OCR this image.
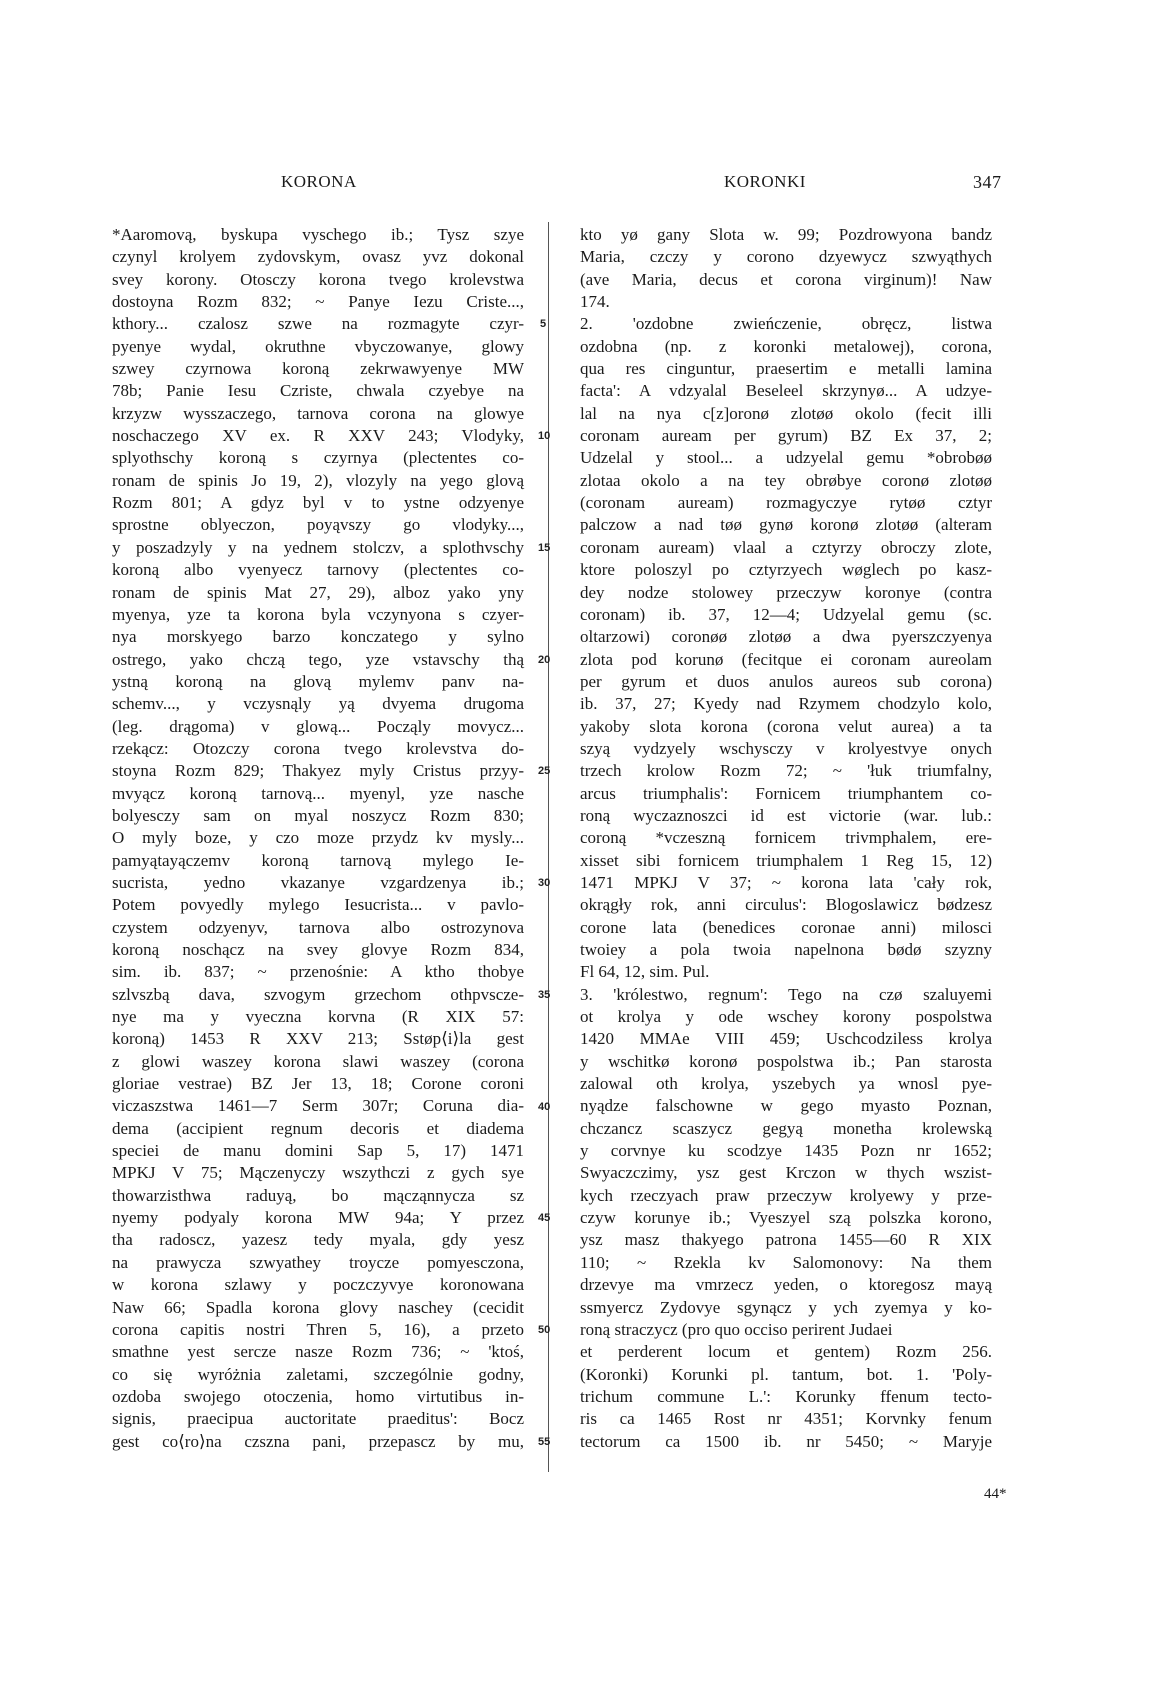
KORONA	KORONKI	347
*Aaromovą, byskupa vyschego ib.; Tysz szye
czynyl krolyem zydovskym, ovasz yvz dokonal
svey korony. Otosczy korona tvego krolevstwa
dostoyna Rozm 832; ~ Panye Iezu Criste...,
kthory... czalosz szwe na rozmagyte czyr-
pyenye wydal, okruthne vbyczowanye, glowy
szwey czyrnowa koroną zekrwawyenye MW
78b; Panie Iesu Czriste, chwala czyebye na
krzyzw wysszaczego, tarnova corona na glowye
noschaczego XV ex. R XXV 243; Vlodyky,
splyothschy koroną s czyrnya (plectentes co-
ronam de spinis Jo 19, 2), vlozyly na yego glovą
Rozm 801; A gdyz byl v to ystne odzyenye
sprostne oblyeczon, poyąvszy go vlodyky...,
y poszadzyly y na yednem stolczv, a splothvschy
koroną albo vyenyecz tarnovy (plectentes co-
ronam de spinis Mat 27, 29), alboz yako yny
myenya, yze ta korona byla vczynyona s czyer-
nya morskyego barzo konczatego y sylno
ostrego, yako chczą tego, yze vstavschy thą
ystną koroną na glovą mylemv panv na-
schemv..., y vczysnąly yą dvyema drugoma
(leg. drągoma) v glową... Począly movycz...
rzekącz: Otozczy corona tvego krolevstva do-
stoyna Rozm 829; Thakyez myly Cristus przyy-
mvyącz koroną tarnovą... myenyl, yze nasche
bolyesczy sam on myal noszycz Rozm 830;
O myly boze, y czo moze przydz kv mysly...
pamyątayączemv koroną tarnovą mylego Ie-
sucrista, yedno vkazanye vzgardzenya ib.;
Potem povyedly mylego Iesucrista... v pavlo-
czystem odzyenyv, tarnova albo ostrozynova
koroną noschącz na svey glovye Rozm 834,
sim. ib. 837; ~ przenośnie: A ktho thobye
szlvszbą dava, szvogym grzechom othpvscze-
nye ma y vyeczna korvna (R XIX 57:
koroną) 1453 R XXV 213; Sstøp⟨i⟩la gest
z glowi waszey korona slawi waszey (corona
gloriae vestrae) BZ Jer 13, 18; Corone coroni
viczaszstwa 1461—7 Serm 307r; Coruna dia-
dema (accipient regnum decoris et diadema
speciei de manu domini Sap 5, 17) 1471
MPKJ V 75; Mączenyczy wszythczi z gych sye
thowarzisthwa raduyą, bo mącząnnycza sz
nyemy podyaly korona MW 94a; Y przez
tha radoscz, yazesz tedy myala, gdy yesz
na prawycza szwyathey troycze pomyesczona,
w korona szlawy y poczczyvye koronowana
Naw 66; Spadla korona glovy naschey (cecidit
corona capitis nostri Thren 5, 16), a przeto
smathne yest sercze nasze Rozm 736; ~ 'ktoś,
co się wyróżnia zaletami, szczególnie godny,
ozdoba swojego otoczenia, homo virtutibus in-
signis, praecipua auctoritate praeditus': Bocz
gest co⟨ro⟩na czszna pani, przepascz by mu,
5
10
15
20
25
30
35
40
45
50
55
kto yø gany Slota w. 99; Pozdrowyona bandz
Maria, czczy y corono dzyewycz szwyąthych
(ave Maria, decus et corona virginum)! Naw
174.
2. 'ozdobne zwieńczenie, obręcz, listwa
ozdobna (np. z koronki metalowej), corona,
qua res cinguntur, praesertim e metalli lamina
facta': A vdzyalal Beseleel skrzynyø... A udzye-
lal na nya c[z]oronø zlotøø okolo (fecit illi
coronam auream per gyrum) BZ Ex 37, 2;
Udzelal y stool... a udzyelal gemu *obrobøø
zlotaa okolo a na tey obrøbye coronø zlotøø
(coronam auream) rozmagyczye rytøø cztyr
palczow a nad tøø gynø koronø zlotøø (alteram
coronam auream) vlaal a cztyrzy obroczy zlote,
ktore poloszyl po cztyrzyech wøglech po kasz-
dey nodze stolowey przeczyw koronye (contra
coronam) ib. 37, 12—4; Udzyelal gemu (sc.
oltarzowi) coronøø zlotøø a dwa pyerszczyenya
zlota pod korunø (fecitque ei coronam aureolam
per gyrum et duos anulos aureos sub corona)
ib. 37, 27; Kyedy nad Rzymem chodzylo kolo,
yakoby slota korona (corona velut aurea) a ta
szyą vydzyely wschysczy v krolyestvye onych
trzech krolow Rozm 72; ~ 'łuk triumfalny,
arcus triumphalis': Fornicem triumphantem co-
roną wyczaznoszci id est victorie (war. lub.:
coroną *vczeszną fornicem trivmphalem, ere-
xisset sibi fornicem triumphalem 1 Reg 15, 12)
1471 MPKJ V 37; ~ korona lata 'cały rok,
okrągły rok, anni circulus': Blogoslawicz bødzesz
corone lata (benedices coronae anni) milosci
twoiey a pola twoia napelnona bødø szyzny
Fl 64, 12, sim. Pul.
3. 'królestwo, regnum': Tego na czø szaluyemi
ot krolya y ode wschey korony pospolstwa
1420 MMAe VIII 459; Uschcodziless krolya
y wschitkø koronø pospolstwa ib.; Pan starosta
zalowal oth krolya, yszebych ya wnosl pye-
nyądze falschowne w gego myasto Poznan,
chczancz scaszycz gegyą monetha krolewską
y corvnye ku scodzye 1435 Pozn nr 1652;
Swyaczczimy, ysz gest Krczon w thych wszist-
kych rzeczyach praw przeczyw krolyewy y prze-
czyw korunye ib.; Vyeszyel szą polszka korono,
ysz masz thakyego patrona 1455—60 R XIX
110; ~ Rzekla kv Salomonovy: Na them
drzevye ma vmrzecz yeden, o ktoregosz mayą
ssmyercz Zydovye sgynącz y ych zyemya y ko-
roną straczycz (pro quo occiso perirent Judaei
et perderent locum et gentem) Rozm 256.
(Koronki) Korunki pl. tantum, bot. 1. 'Poly-
trichum commune L.': Korunky ffenum tecto-
ris ca 1465 Rost nr 4351; Korvnky fenum
tectorum ca 1500 ib. nr 5450; ~ Maryje
44*
